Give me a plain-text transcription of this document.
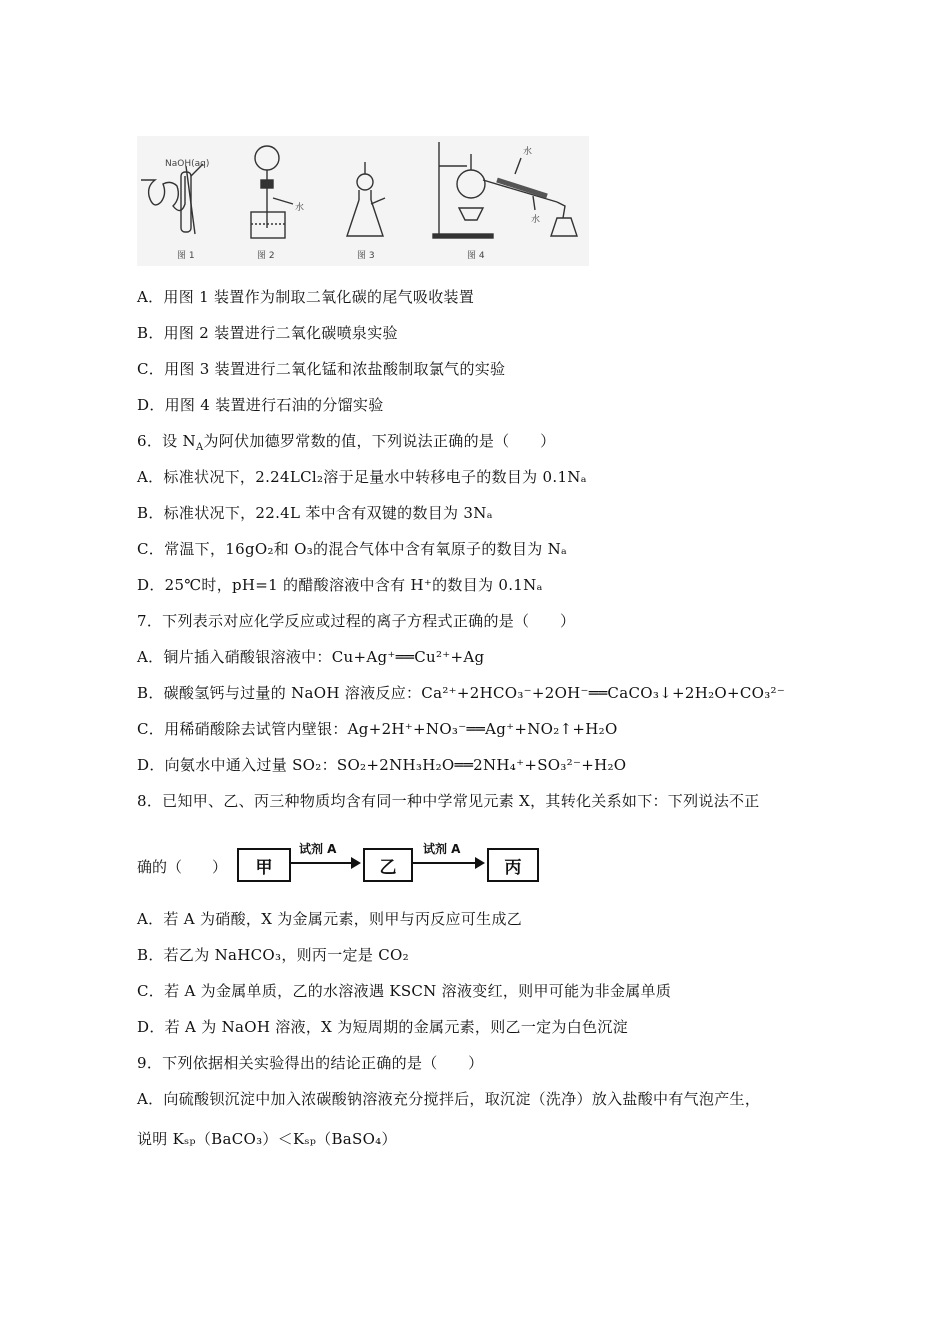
NaOH(aq)
图 1
水
图 2	图 3
水
水
图 4
A．用图 1 装置作为制取二氧化碳的尾气吸收装置
B．用图 2 装置进行二氧化碳喷泉实验
C．用图 3 装置进行二氧化锰和浓盐酸制取氯气的实验
D．用图 4 装置进行石油的分馏实验
6．设 $N_A$为阿伏加德罗常数的值，下列说法正确的是（　　）
A．标准状况下，2.24LCl₂溶于足量水中转移电子的数目为 0.1Nₐ
B．标准状况下，22.4L 苯中含有双键的数目为 3Nₐ
C．常温下，16gO₂和 O₃的混合气体中含有氧原子的数目为 Nₐ
D．25℃时，pH=1 的醋酸溶液中含有 H⁺的数目为 0.1Nₐ
7．下列表示对应化学反应或过程的离子方程式正确的是（　　）
A．铜片插入硝酸银溶液中：Cu+Ag⁺══Cu²⁺+Ag
B．碳酸氢钙与过量的 NaOH 溶液反应：Ca²⁺+2HCO₃⁻+2OH⁻══CaCO₃↓+2H₂O+CO₃²⁻
C．用稀硝酸除去试管内壁银：Ag+2H⁺+NO₃⁻══Ag⁺+NO₂↑+H₂O
D．向氨水中通入过量 SO₂：SO₂+2NH₃H₂O══2NH₄⁺+SO₃²⁻+H₂O
8．已知甲、乙、丙三种物质均含有同一种中学常见元素 X，其转化关系如下：下列说法不正
确的（　　）	甲
试剂 A
乙
试剂 A
丙
A．若 A 为硝酸，X 为金属元素，则甲与丙反应可生成乙
B．若乙为 NaHCO₃，则丙一定是 CO₂
C．若 A 为金属单质，乙的水溶液遇 KSCN 溶液变红，则甲可能为非金属单质
D．若 A 为 NaOH 溶液，X 为短周期的金属元素，则乙一定为白色沉淀
9．下列依据相关实验得出的结论正确的是（　　）
A．向硫酸钡沉淀中加入浓碳酸钠溶液充分搅拌后，取沉淀（洗净）放入盐酸中有气泡产生，
说明 Kₛₚ（BaCO₃）＜Kₛₚ（BaSO₄）
